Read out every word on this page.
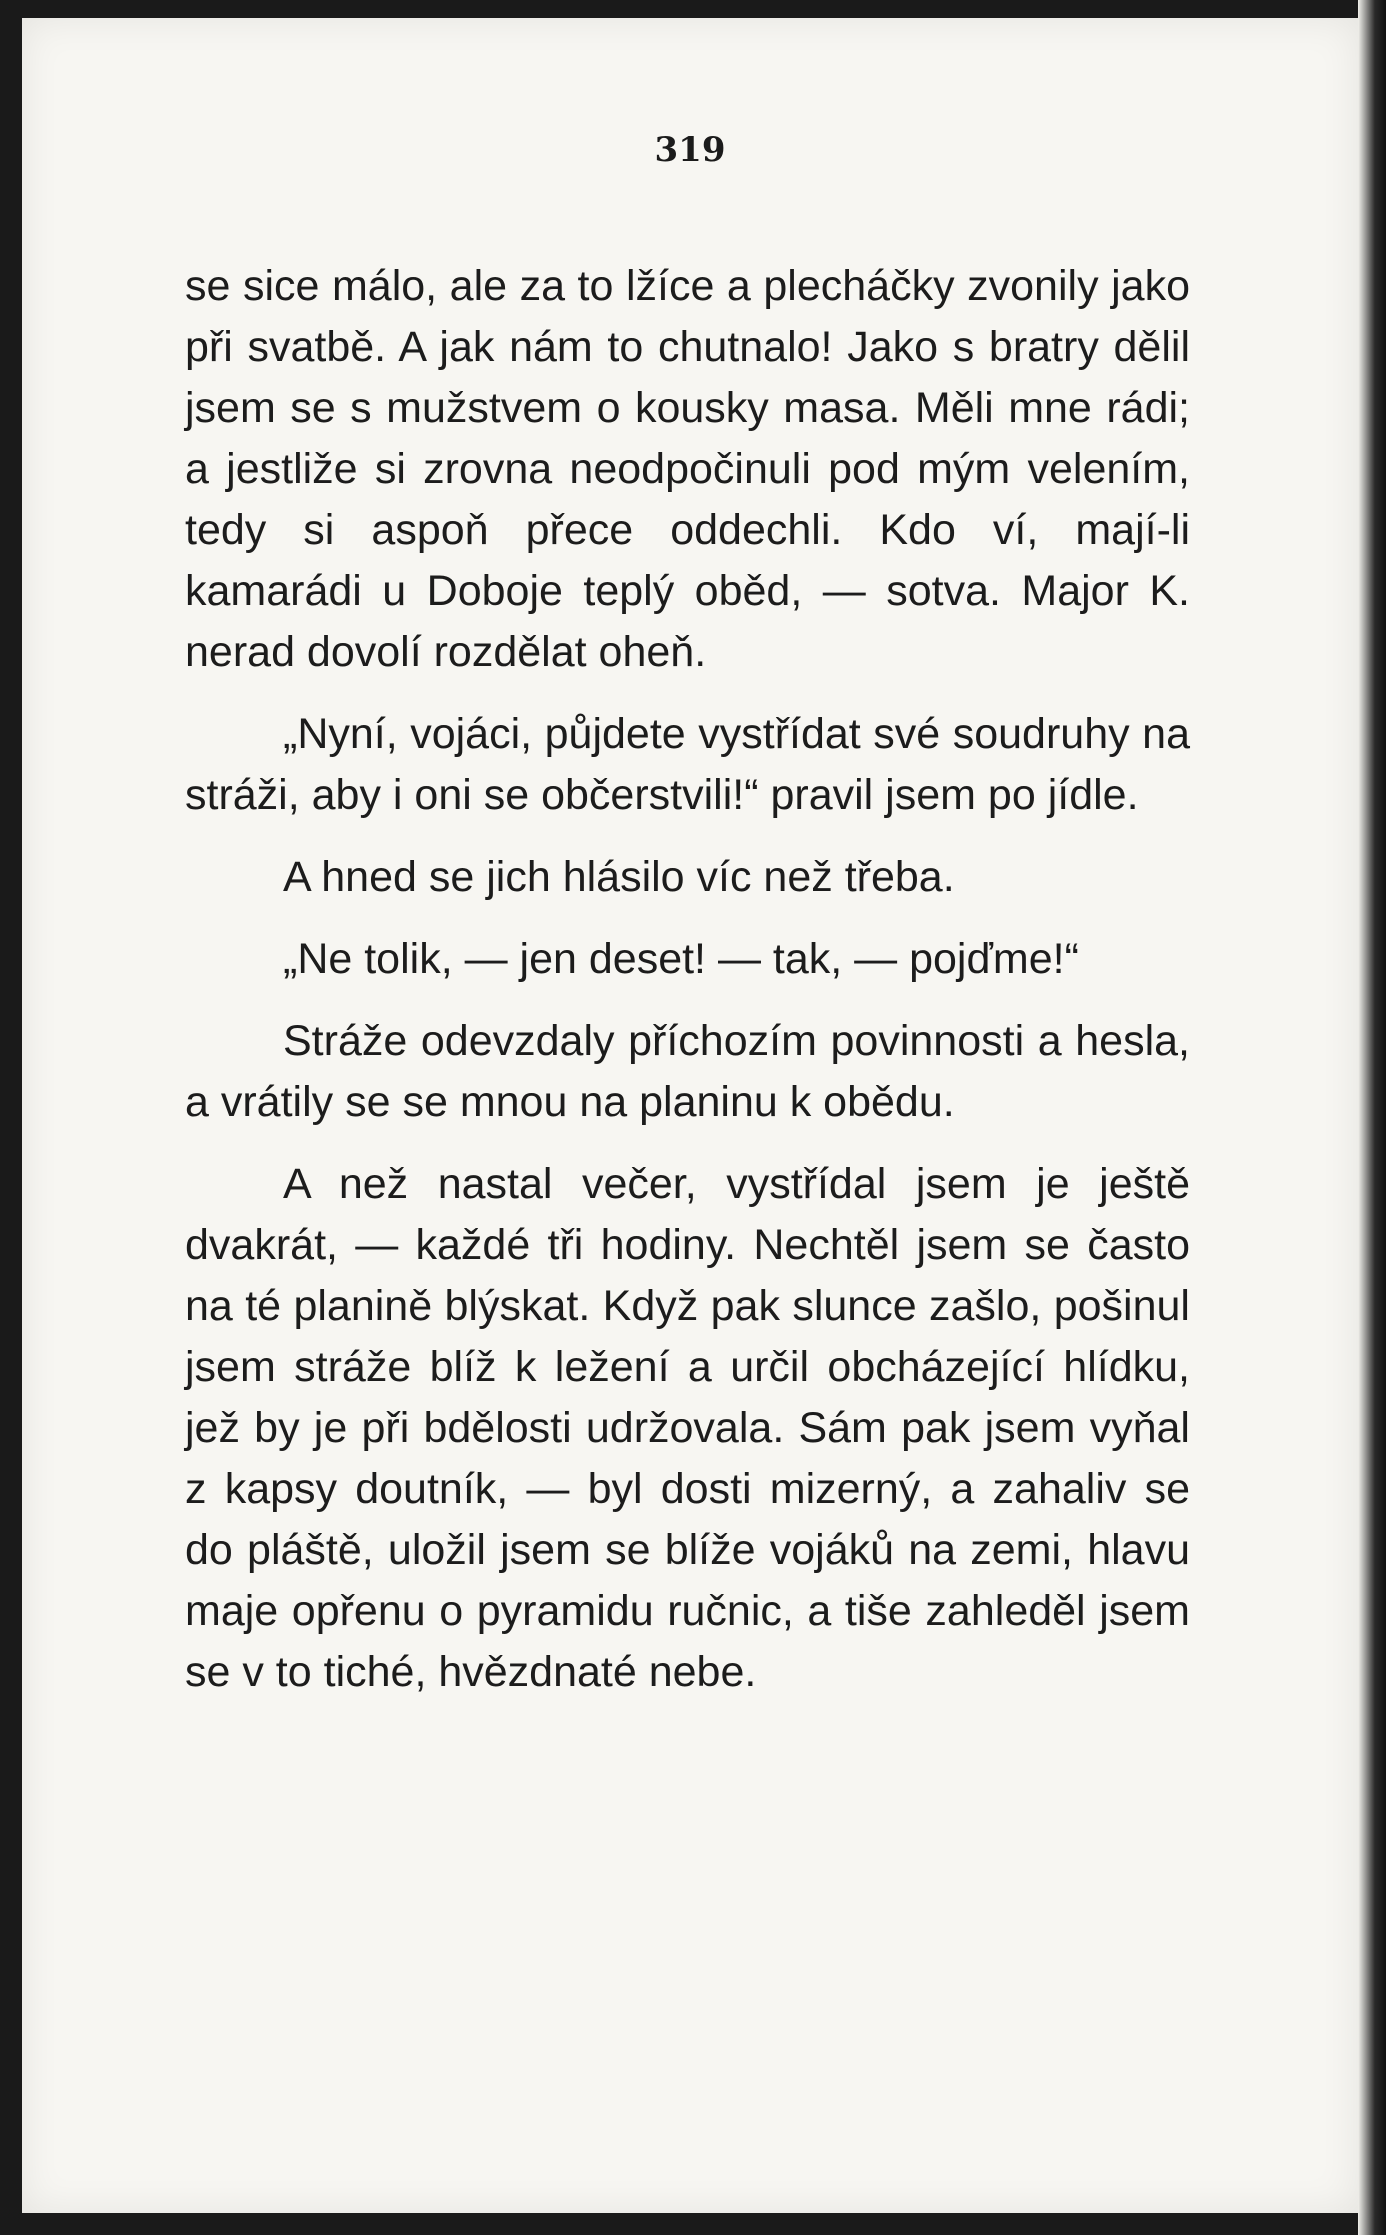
319

se sice málo, ale za to lžíce a plecháčky zvonily jako při svatbě. A jak nám to chutnalo! Jako s bratry dělil jsem se s mužstvem o kousky masa. Měli mne rádi; a jestliže si zrovna neodpočinuli pod mým velením, tedy si aspoň přece oddechli. Kdo ví, mají-li kamarádi u Doboje teplý oběd, — sotva. Major K. nerad dovolí rozdělat oheň.

„Nyní, vojáci, půjdete vystřídat své soudruhy na stráži, aby i oni se občerstvili!“ pravil jsem po jídle.

A hned se jich hlásilo víc než třeba.

„Ne tolik, — jen deset! — tak, — pojďme!“

Stráže odevzdaly příchozím povinnosti a hesla, a vrátily se se mnou na planinu k obědu.

A než nastal večer, vystřídal jsem je ještě dvakrát, — každé tři hodiny. Nechtěl jsem se často na té planině blýskat. Když pak slunce zašlo, pošinul jsem stráže blíž k ležení a určil obcházející hlídku, jež by je při bdělosti udržovala. Sám pak jsem vyňal z kapsy doutník, — byl dosti mizerný, a zahaliv se do pláště, uložil jsem se blíže vojáků na zemi, hlavu maje opřenu o pyramidu ručnic, a tiše zahleděl jsem se v to tiché, hvězdnaté nebe.
